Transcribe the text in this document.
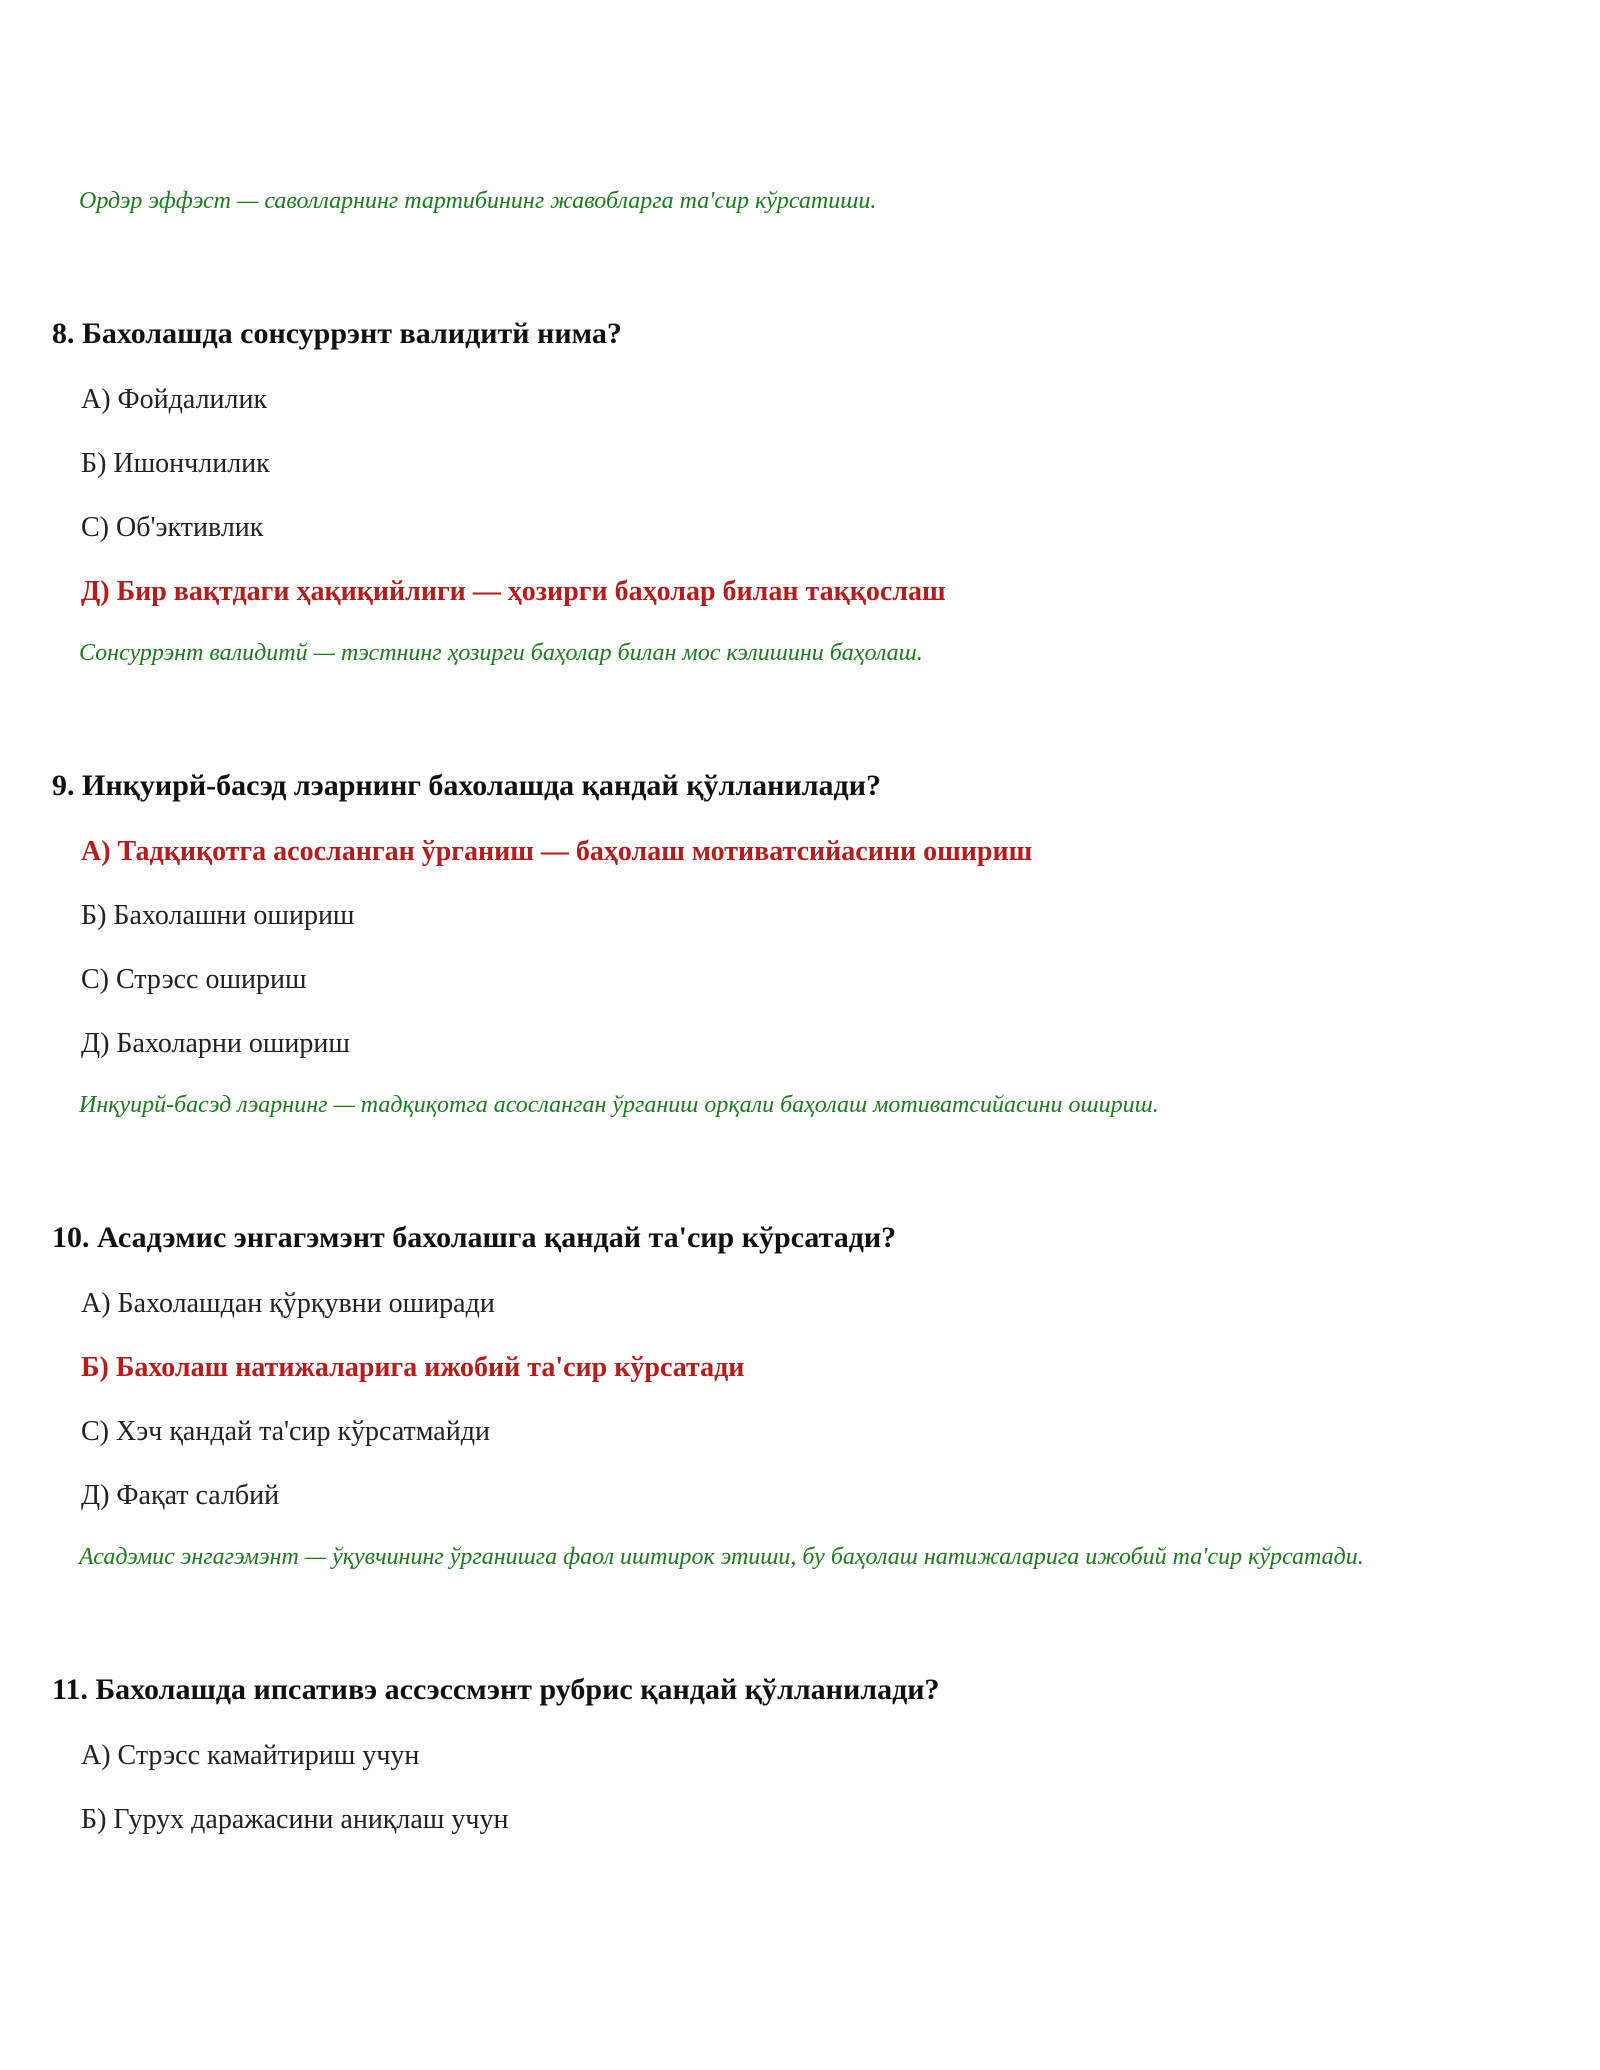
Ордэр эффэст — саволларнинг тартибининг жавобларга та'сир кўрсатиши.
8. Бахолашда сонсуррэнт валидитй нима?
А) Фойдалилик
Б) Ишончлилик
С) Об'эктивлик
Д) Бир вақтдаги ҳақиқийлиги — ҳозирги баҳолар билан таққослаш
Сонсуррэнт валидитй — тэстнинг ҳозирги баҳолар билан мос кэлишини баҳолаш.
9. Инқуирй-басэд лэарнинг бахолашда қандай қўлланилади?
А) Тадқиқотга асосланган ўрганиш — баҳолаш мотиватсийасини ошириш
Б) Бахолашни ошириш
С) Стрэсс ошириш
Д) Бахоларни ошириш
Инқуирй-басэд лэарнинг — тадқиқотга асосланган ўрганиш орқали баҳолаш мотиватсийасини ошириш.
10. Асадэмис энгагэмэнт бахолашга қандай та'сир кўрсатади?
А) Бахолашдан қўрқувни оширади
Б) Бахолаш натижаларига ижобий та'сир кўрсатади
С) Хэч қандай та'сир кўрсатмайди
Д) Фақат салбий
Асадэмис энгагэмэнт — ўқувчининг ўрганишга фаол иштирок этиши, бу баҳолаш натижаларига ижобий та'сир кўрсатади.
11. Бахолашда ипсативэ ассэссмэнт рубрис қандай қўлланилади?
А) Стрэсс камайтириш учун
Б) Гурух даражасини аниқлаш учун
